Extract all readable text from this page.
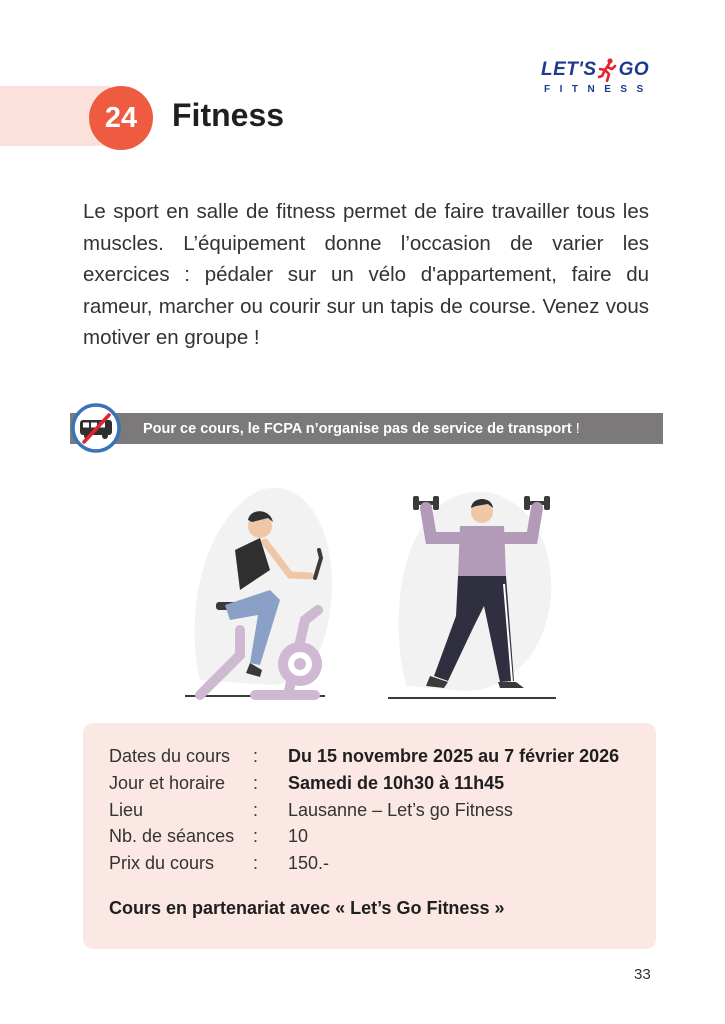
24 Fitness
LET'S GO
FITNESS
Le sport en salle de fitness permet de faire travailler tous les muscles. L’équipement donne l’occasion de varier les exercices : pédaler sur un vélo d'appartement, faire du rameur, marcher ou courir sur un tapis de course. Venez vous motiver en groupe !
Pour ce cours, le FCPA n’organise pas de service de transport !
Dates du cours	: Du 15 novembre 2025 au 7 février 2026
Jour et horaire	: Samedi de 10h30 à 11h45
Lieu	: Lausanne – Let’s go Fitness
Nb. de séances	: 10
Prix du cours	: 150.-
Cours en partenariat avec « Let’s Go Fitness »
33
